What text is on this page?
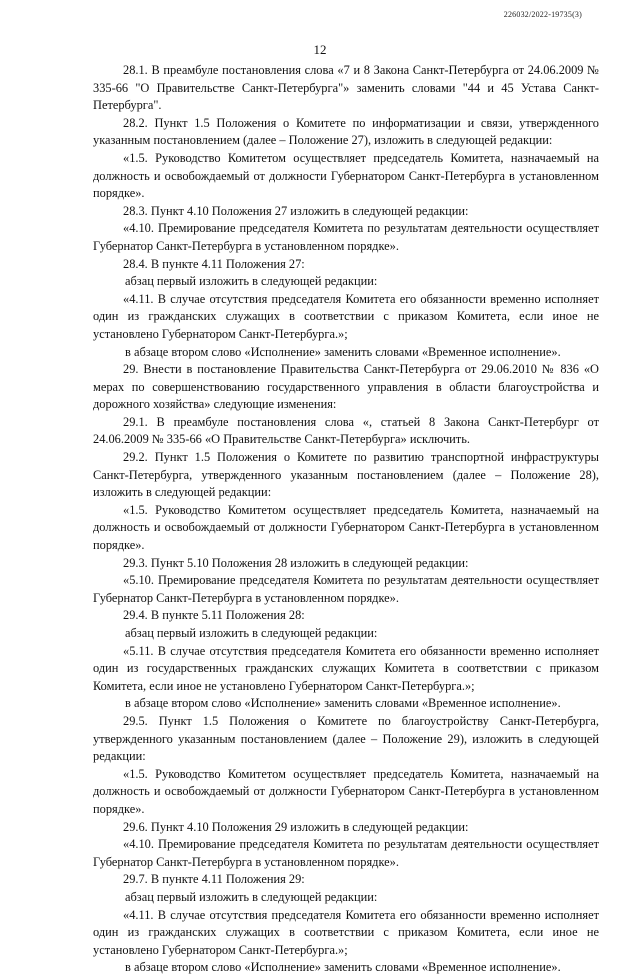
226032/2022-19735(3)
12

28.1. В преамбуле постановления слова «7 и 8 Закона Санкт-Петербурга от 24.06.2009 № 335-66 "О Правительстве Санкт-Петербурга"» заменить словами "44 и 45 Устава Санкт-Петербурга".

28.2. Пункт 1.5 Положения о Комитете по информатизации и связи, утвержденного указанным постановлением (далее – Положение 27), изложить в следующей редакции:

«1.5. Руководство Комитетом осуществляет председатель Комитета, назначаемый на должность и освобождаемый от должности Губернатором Санкт-Петербурга в установленном порядке».

28.3. Пункт 4.10 Положения 27 изложить в следующей редакции:

«4.10. Премирование председателя Комитета по результатам деятельности осуществляет Губернатор Санкт-Петербурга в установленном порядке».

28.4. В пункте 4.11 Положения 27:

абзац первый изложить в следующей редакции:

«4.11. В случае отсутствия председателя Комитета его обязанности временно исполняет один из гражданских служащих в соответствии с приказом Комитета, если иное не установлено Губернатором Санкт-Петербурга.»;

в абзаце втором слово «Исполнение» заменить словами «Временное исполнение».

29. Внести в постановление Правительства Санкт-Петербурга от 29.06.2010 № 836 «О мерах по совершенствованию государственного управления в области благоустройства и дорожного хозяйства» следующие изменения:

29.1. В преамбуле постановления слова «, статьей 8 Закона Санкт-Петербург от 24.06.2009 № 335-66 «О Правительстве Санкт-Петербурга» исключить.

29.2. Пункт 1.5 Положения о Комитете по развитию транспортной инфраструктуры Санкт-Петербурга, утвержденного указанным постановлением (далее – Положение 28), изложить в следующей редакции:

«1.5. Руководство Комитетом осуществляет председатель Комитета, назначаемый на должность и освобождаемый от должности Губернатором Санкт-Петербурга в установленном порядке».

29.3. Пункт 5.10 Положения 28 изложить в следующей редакции:

«5.10. Премирование председателя Комитета по результатам деятельности осуществляет Губернатор Санкт-Петербурга в установленном порядке».

29.4. В пункте 5.11 Положения 28:

абзац первый изложить в следующей редакции:

«5.11. В случае отсутствия председателя Комитета его обязанности временно исполняет один из государственных гражданских служащих Комитета в соответствии с приказом Комитета, если иное не установлено Губернатором Санкт-Петербурга.»;

в абзаце втором слово «Исполнение» заменить словами «Временное исполнение».

29.5. Пункт 1.5 Положения о Комитете по благоустройству Санкт-Петербурга, утвержденного указанным постановлением (далее – Положение 29), изложить в следующей редакции:

«1.5. Руководство Комитетом осуществляет председатель Комитета, назначаемый на должность и освобождаемый от должности Губернатором Санкт-Петербурга в установленном порядке».

29.6. Пункт 4.10 Положения 29 изложить в следующей редакции:

«4.10. Премирование председателя Комитета по результатам деятельности осуществляет Губернатор Санкт-Петербурга в установленном порядке».

29.7. В пункте 4.11 Положения 29:

абзац первый изложить в следующей редакции:

«4.11. В случае отсутствия председателя Комитета его обязанности временно исполняет один из гражданских служащих в соответствии с приказом Комитета, если иное не установлено Губернатором Санкт-Петербурга.»;

в абзаце втором слово «Исполнение» заменить словами «Временное исполнение».
